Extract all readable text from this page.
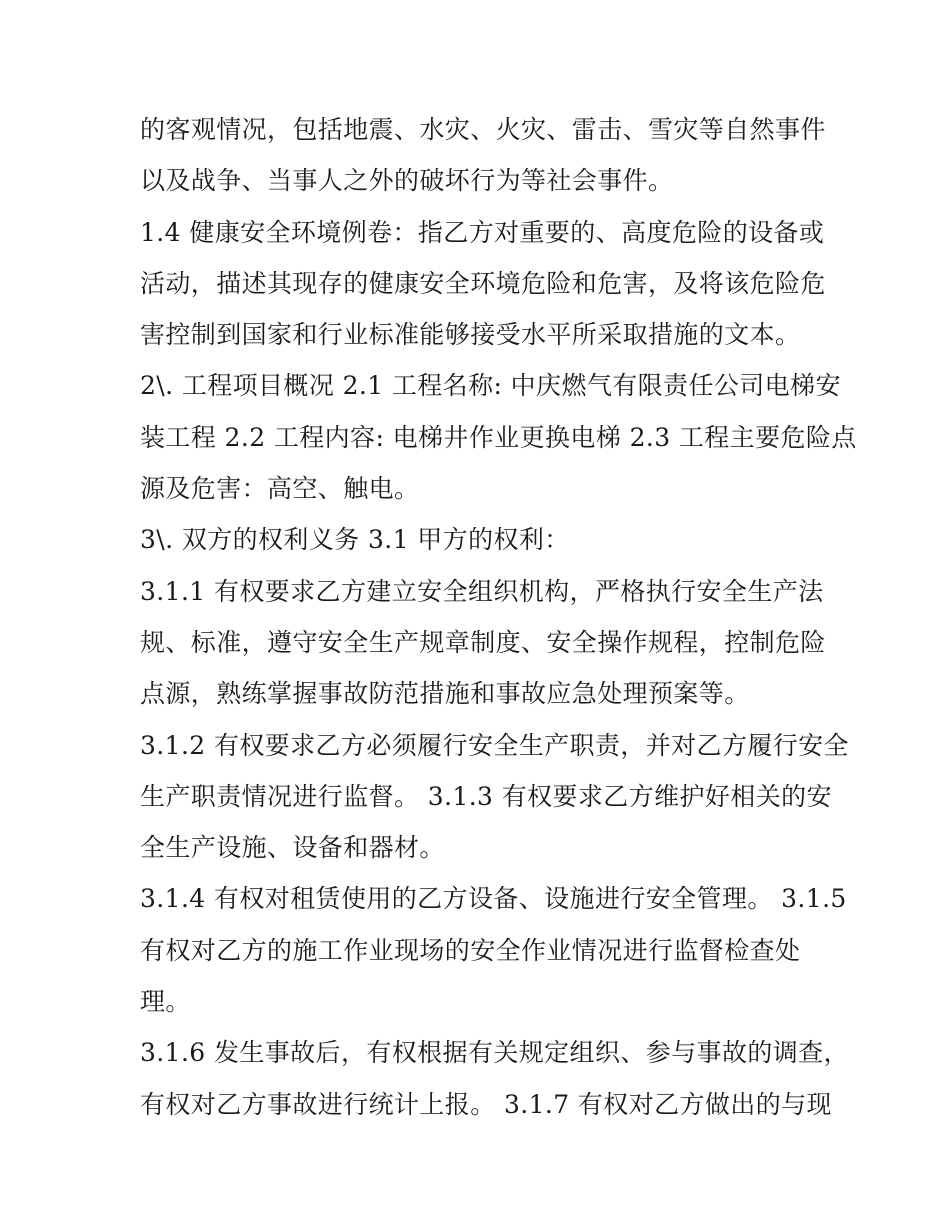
的客观情况，包括地震、水灾、火灾、雷击、雪灾等自然事件
以及战争、当事人之外的破坏行为等社会事件。
1.4 健康安全环境例卷：指乙方对重要的、高度危险的设备或
活动，描述其现存的健康安全环境危险和危害，及将该危险危
害控制到国家和行业标准能够接受水平所采取措施的文本。
2\. 工程项目概况 2.1 工程名称: 中庆燃气有限责任公司电梯安
装工程 2.2 工程内容: 电梯井作业更换电梯 2.3 工程主要危险点
源及危害：高空、触电。
3\. 双方的权利义务 3.1 甲方的权利：
3.1.1 有权要求乙方建立安全组织机构，严格执行安全生产法
规、标准，遵守安全生产规章制度、安全操作规程，控制危险
点源，熟练掌握事故防范措施和事故应急处理预案等。
3.1.2 有权要求乙方必须履行安全生产职责，并对乙方履行安全
生产职责情况进行监督。 3.1.3 有权要求乙方维护好相关的安
全生产设施、设备和器材。
3.1.4 有权对租赁使用的乙方设备、设施进行安全管理。 3.1.5
有权对乙方的施工作业现场的安全作业情况进行监督检查处
理。
3.1.6 发生事故后，有权根据有关规定组织、参与事故的调查，
有权对乙方事故进行统计上报。 3.1.7 有权对乙方做出的与现
